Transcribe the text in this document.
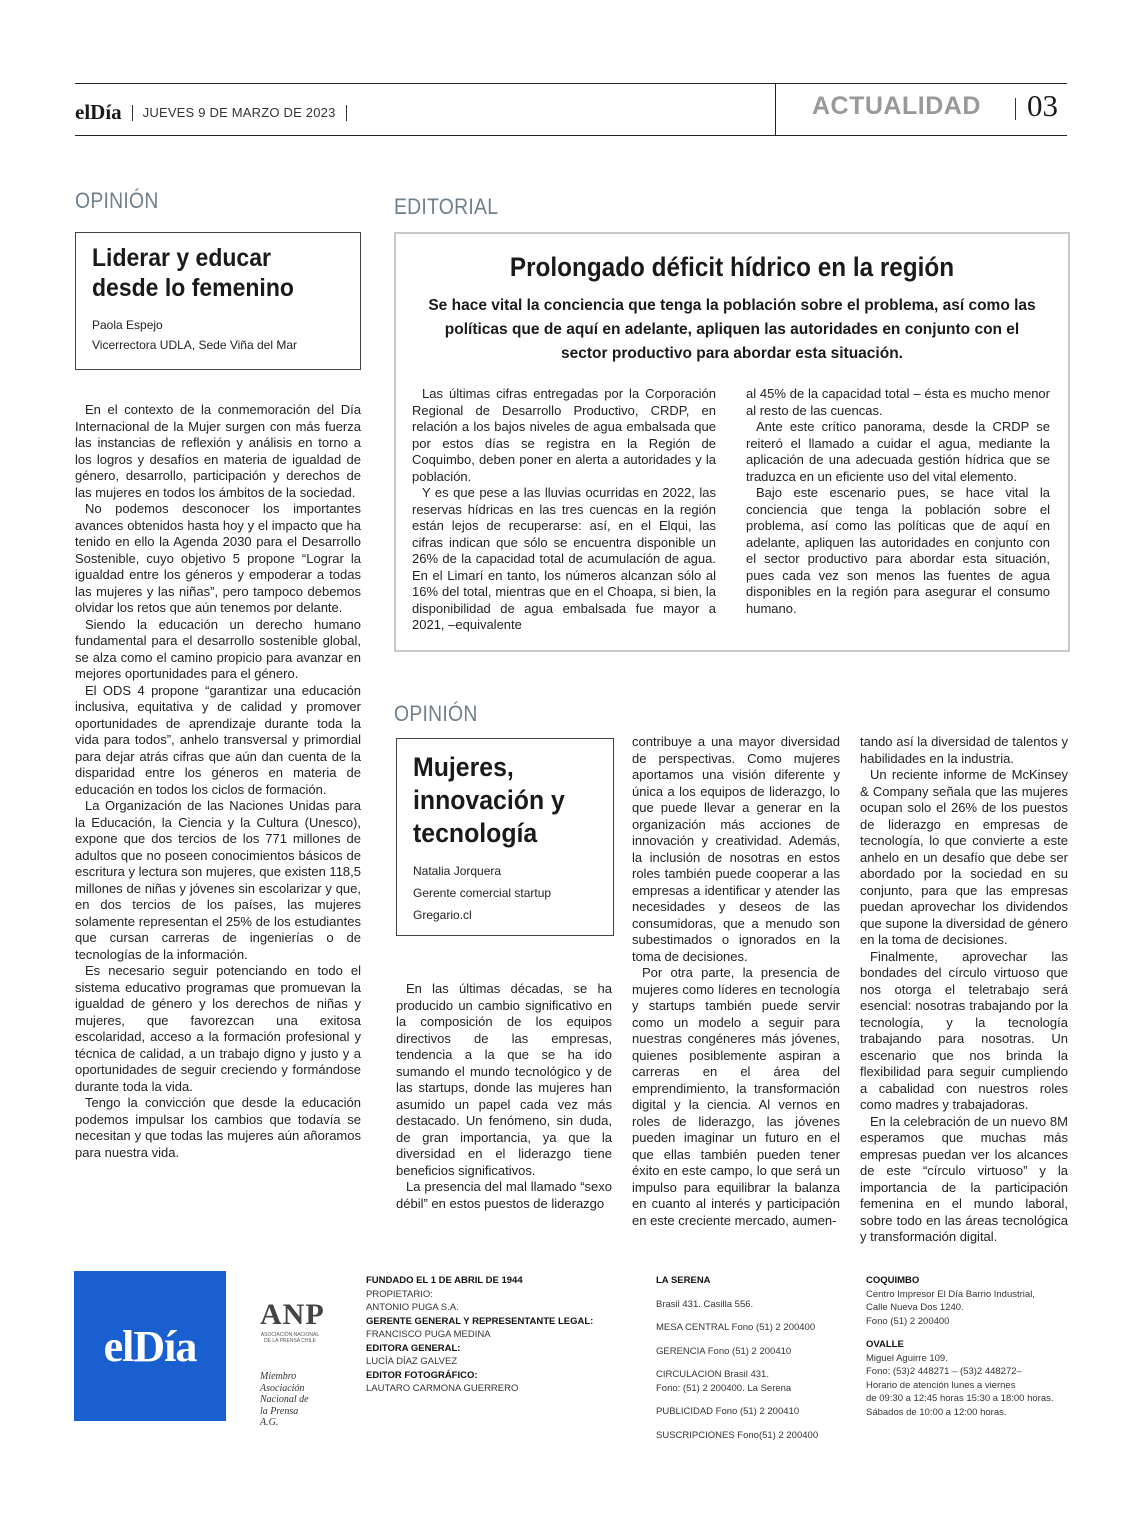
elDía JUEVES 9 DE MARZO DE 2023	ACTUALIDAD 03
OPINIÓN
Liderar y educar desde lo femenino
Paola Espejo
Vicerrectora UDLA, Sede Viña del Mar

En el contexto de la conmemoración del Día Internacional de la Mujer surgen con más fuerza las instancias de reflexión y análisis en torno a los logros y desafíos en materia de igualdad de género, desarrollo, participación y derechos de las mujeres en todos los ámbitos de la sociedad.

No podemos desconocer los importantes avances obtenidos hasta hoy y el impacto que ha tenido en ello la Agenda 2030 para el Desarrollo Sostenible, cuyo objetivo 5 propone “Lograr la igualdad entre los géneros y empoderar a todas las mujeres y las niñas”, pero tampoco debemos olvidar los retos que aún tenemos por delante.

Siendo la educación un derecho humano fundamental para el desarrollo sostenible global, se alza como el camino propicio para avanzar en mejores oportunidades para el género.

El ODS 4 propone “garantizar una educación inclusiva, equitativa y de calidad y promover oportunidades de aprendizaje durante toda la vida para todos”, anhelo transversal y primordial para dejar atrás cifras que aún dan cuenta de la disparidad entre los géneros en materia de educación en todos los ciclos de formación.

La Organización de las Naciones Unidas para la Educación, la Ciencia y la Cultura (Unesco), expone que dos tercios de los 771 millones de adultos que no poseen conocimientos básicos de escritura y lectura son mujeres, que existen 118,5 millones de niñas y jóvenes sin escolarizar y que, en dos tercios de los países, las mujeres solamente representan el 25% de los estudiantes que cursan carreras de ingenierías o de tecnologías de la información.

Es necesario seguir potenciando en todo el sistema educativo programas que promuevan la igualdad de género y los derechos de niñas y mujeres, que favorezcan una exitosa escolaridad, acceso a la formación profesional y técnica de calidad, a un trabajo digno y justo y a oportunidades de seguir creciendo y formándose durante toda la vida.

Tengo la convicción que desde la educación podemos impulsar los cambios que todavía se necesitan y que todas las mujeres aún añoramos para nuestra vida.

EDITORIAL
Prolongado déficit hídrico en la región
Se hace vital la conciencia que tenga la población sobre el problema, así como las políticas que de aquí en adelante, apliquen las autoridades en conjunto con el sector productivo para abordar esta situación.

Las últimas cifras entregadas por la Corporación Regional de Desarrollo Productivo, CRDP, en relación a los bajos niveles de agua embalsada que por estos días se registra en la Región de Coquimbo, deben poner en alerta a autoridades y la población.

Y es que pese a las lluvias ocurridas en 2022, las reservas hídricas en las tres cuencas en la región están lejos de recuperarse: así, en el Elqui, las cifras indican que sólo se encuentra disponible un 26% de la capacidad total de acumulación de agua. En el Limarí en tanto, los números alcanzan sólo al 16% del total, mientras que en el Choapa, si bien, la disponibilidad de agua embalsada fue mayor a 2021, –equivalente

al 45% de la capacidad total – ésta es mucho menor al resto de las cuencas.

Ante este crítico panorama, desde la CRDP se reiteró el llamado a cuidar el agua, mediante la aplicación de una adecuada gestión hídrica que se traduzca en un eficiente uso del vital elemento.

Bajo este escenario pues, se hace vital la conciencia que tenga la población sobre el problema, así como las políticas que de aquí en adelante, apliquen las autoridades en conjunto con el sector productivo para abordar esta situación, pues cada vez son menos las fuentes de agua disponibles en la región para asegurar el consumo humano.

OPINIÓN
Mujeres, innovación y tecnología
Natalia Jorquera
Gerente comercial startup
Gregario.cl

En las últimas décadas, se ha producido un cambio significativo en la composición de los equipos directivos de las empresas, tendencia a la que se ha ido sumando el mundo tecnológico y de las startups, donde las mujeres han asumido un papel cada vez más destacado. Un fenómeno, sin duda, de gran importancia, ya que la diversidad en el liderazgo tiene beneficios significativos.

La presencia del mal llamado “sexo débil” en estos puestos de liderazgo

contribuye a una mayor diversidad de perspectivas. Como mujeres aportamos una visión diferente y única a los equipos de liderazgo, lo que puede llevar a generar en la organización más acciones de innovación y creatividad. Además, la inclusión de nosotras en estos roles también puede cooperar a las empresas a identificar y atender las necesidades y deseos de las consumidoras, que a menudo son subestimados o ignorados en la toma de decisiones.

Por otra parte, la presencia de mujeres como líderes en tecnología y startups también puede servir como un modelo a seguir para nuestras congéneres más jóvenes, quienes posiblemente aspiran a carreras en el área del emprendimiento, la transformación digital y la ciencia. Al vernos en roles de liderazgo, las jóvenes pueden imaginar un futuro en el que ellas también pueden tener éxito en este campo, lo que será un impulso para equilibrar la balanza en cuanto al interés y participación en este creciente mercado, aumen-

tando así la diversidad de talentos y habilidades en la industria.

Un reciente informe de McKinsey & Company señala que las mujeres ocupan solo el 26% de los puestos de liderazgo en empresas de tecnología, lo que convierte a este anhelo en un desafío que debe ser abordado por la sociedad en su conjunto, para que las empresas puedan aprovechar los dividendos que supone la diversidad de género en la toma de decisiones.

Finalmente, aprovechar las bondades del círculo virtuoso que nos otorga el teletrabajo será esencial: nosotras trabajando por la tecnología, y la tecnología trabajando para nosotras. Un escenario que nos brinda la flexibilidad para seguir cumpliendo a cabalidad con nuestros roles como madres y trabajadoras.

En la celebración de un nuevo 8M esperamos que muchas más empresas puedan ver los alcances de este “círculo virtuoso” y la importancia de la participación femenina en el mundo laboral, sobre todo en las áreas tecnológica y transformación digital.

elDía
ANP
ASOCIACIÓN NACIONAL DE LA PRENSA CHILE
Miembro
Asociación
Nacional de
la Prensa
A.G.
FUNDADO EL 1 DE ABRIL DE 1944
PROPIETARIO:
ANTONIO PUGA S.A.
GERENTE GENERAL Y REPRESENTANTE LEGAL:
FRANCISCO PUGA MEDINA
EDITORA GENERAL:
LUCÍA DÍAZ GALVEZ
EDITOR FOTOGRÁFICO:
LAUTARO CARMONA GUERRERO
LA SERENA
Brasil 431. Casilla 556.
MESA CENTRAL Fono (51) 2 200400
GERENCIA Fono (51) 2 200410
CIRCULACION Brasil 431.
Fono: (51) 2 200400. La Serena
PUBLICIDAD Fono (51) 2 200410
SUSCRIPCIONES Fono(51) 2 200400
COQUIMBO
Centro Impresor El Día Barrio Industrial,
Calle Nueva Dos 1240.
Fono (51) 2 200400
OVALLE
Miguel Aguirre 109.
Fono: (53)2 448271 – (53)2 448272–
Horario de atención lunes a viernes
de 09:30 a 12:45 horas 15:30 a 18:00 horas.
Sábados de 10:00 a 12:00 horas.
